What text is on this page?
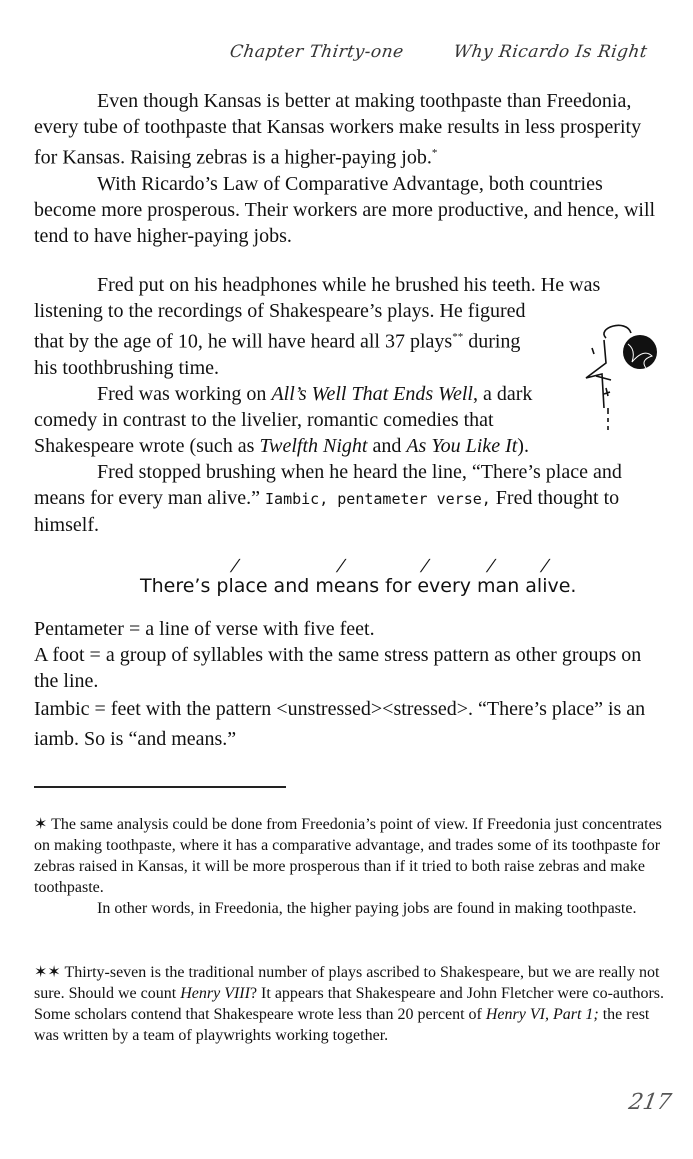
Chapter Thirty-one	Why Ricardo Is Right

Even though Kansas is better at making toothpaste than Freedonia, every tube of toothpaste that Kansas workers make results in less prosperity for Kansas. Raising zebras is a higher-paying job.*

With Ricardo’s Law of Comparative Advantage, both countries become more prosperous. Their workers are more productive, and hence, will tend to have higher-paying jobs.

Fred put on his headphones while he brushed his teeth. He was

listening to the recordings of Shakespeare’s plays. He figured that by the age of 10, he will have heard all 37 plays** during his toothbrushing time.

Fred was working on All’s Well That Ends Well, a dark comedy in contrast to the livelier, romantic comedies that Shakespeare wrote (such as Twelfth Night and As You Like It).

Fred stopped brushing when he heard the line, “There’s place and means for every man alive.” Iambic, pentameter verse, Fred thought to himself.

/	/	/	/ /
There’s place and means for every man alive.

Pentameter = a line of verse with five feet.

A foot = a group of syllables with the same stress pattern as other groups on the line.

Iambic = feet with the pattern <unstressed><stressed>. “There’s place” is an iamb. So is “and means.”

✶ The same analysis could be done from Freedonia’s point of view. If Freedonia just concentrates on making toothpaste, where it has a comparative advantage, and trades some of its toothpaste for zebras raised in Kansas, it will be more prosperous than if it tried to both raise zebras and make toothpaste.

In other words, in Freedonia, the higher paying jobs are found in making toothpaste.

✶✶ Thirty-seven is the traditional number of plays ascribed to Shakespeare, but we are really not sure. Should we count Henry VIII? It appears that Shakespeare and John Fletcher were co-authors. Some scholars contend that Shakespeare wrote less than 20 percent of Henry VI, Part 1; the rest was written by a team of playwrights working together.

217
